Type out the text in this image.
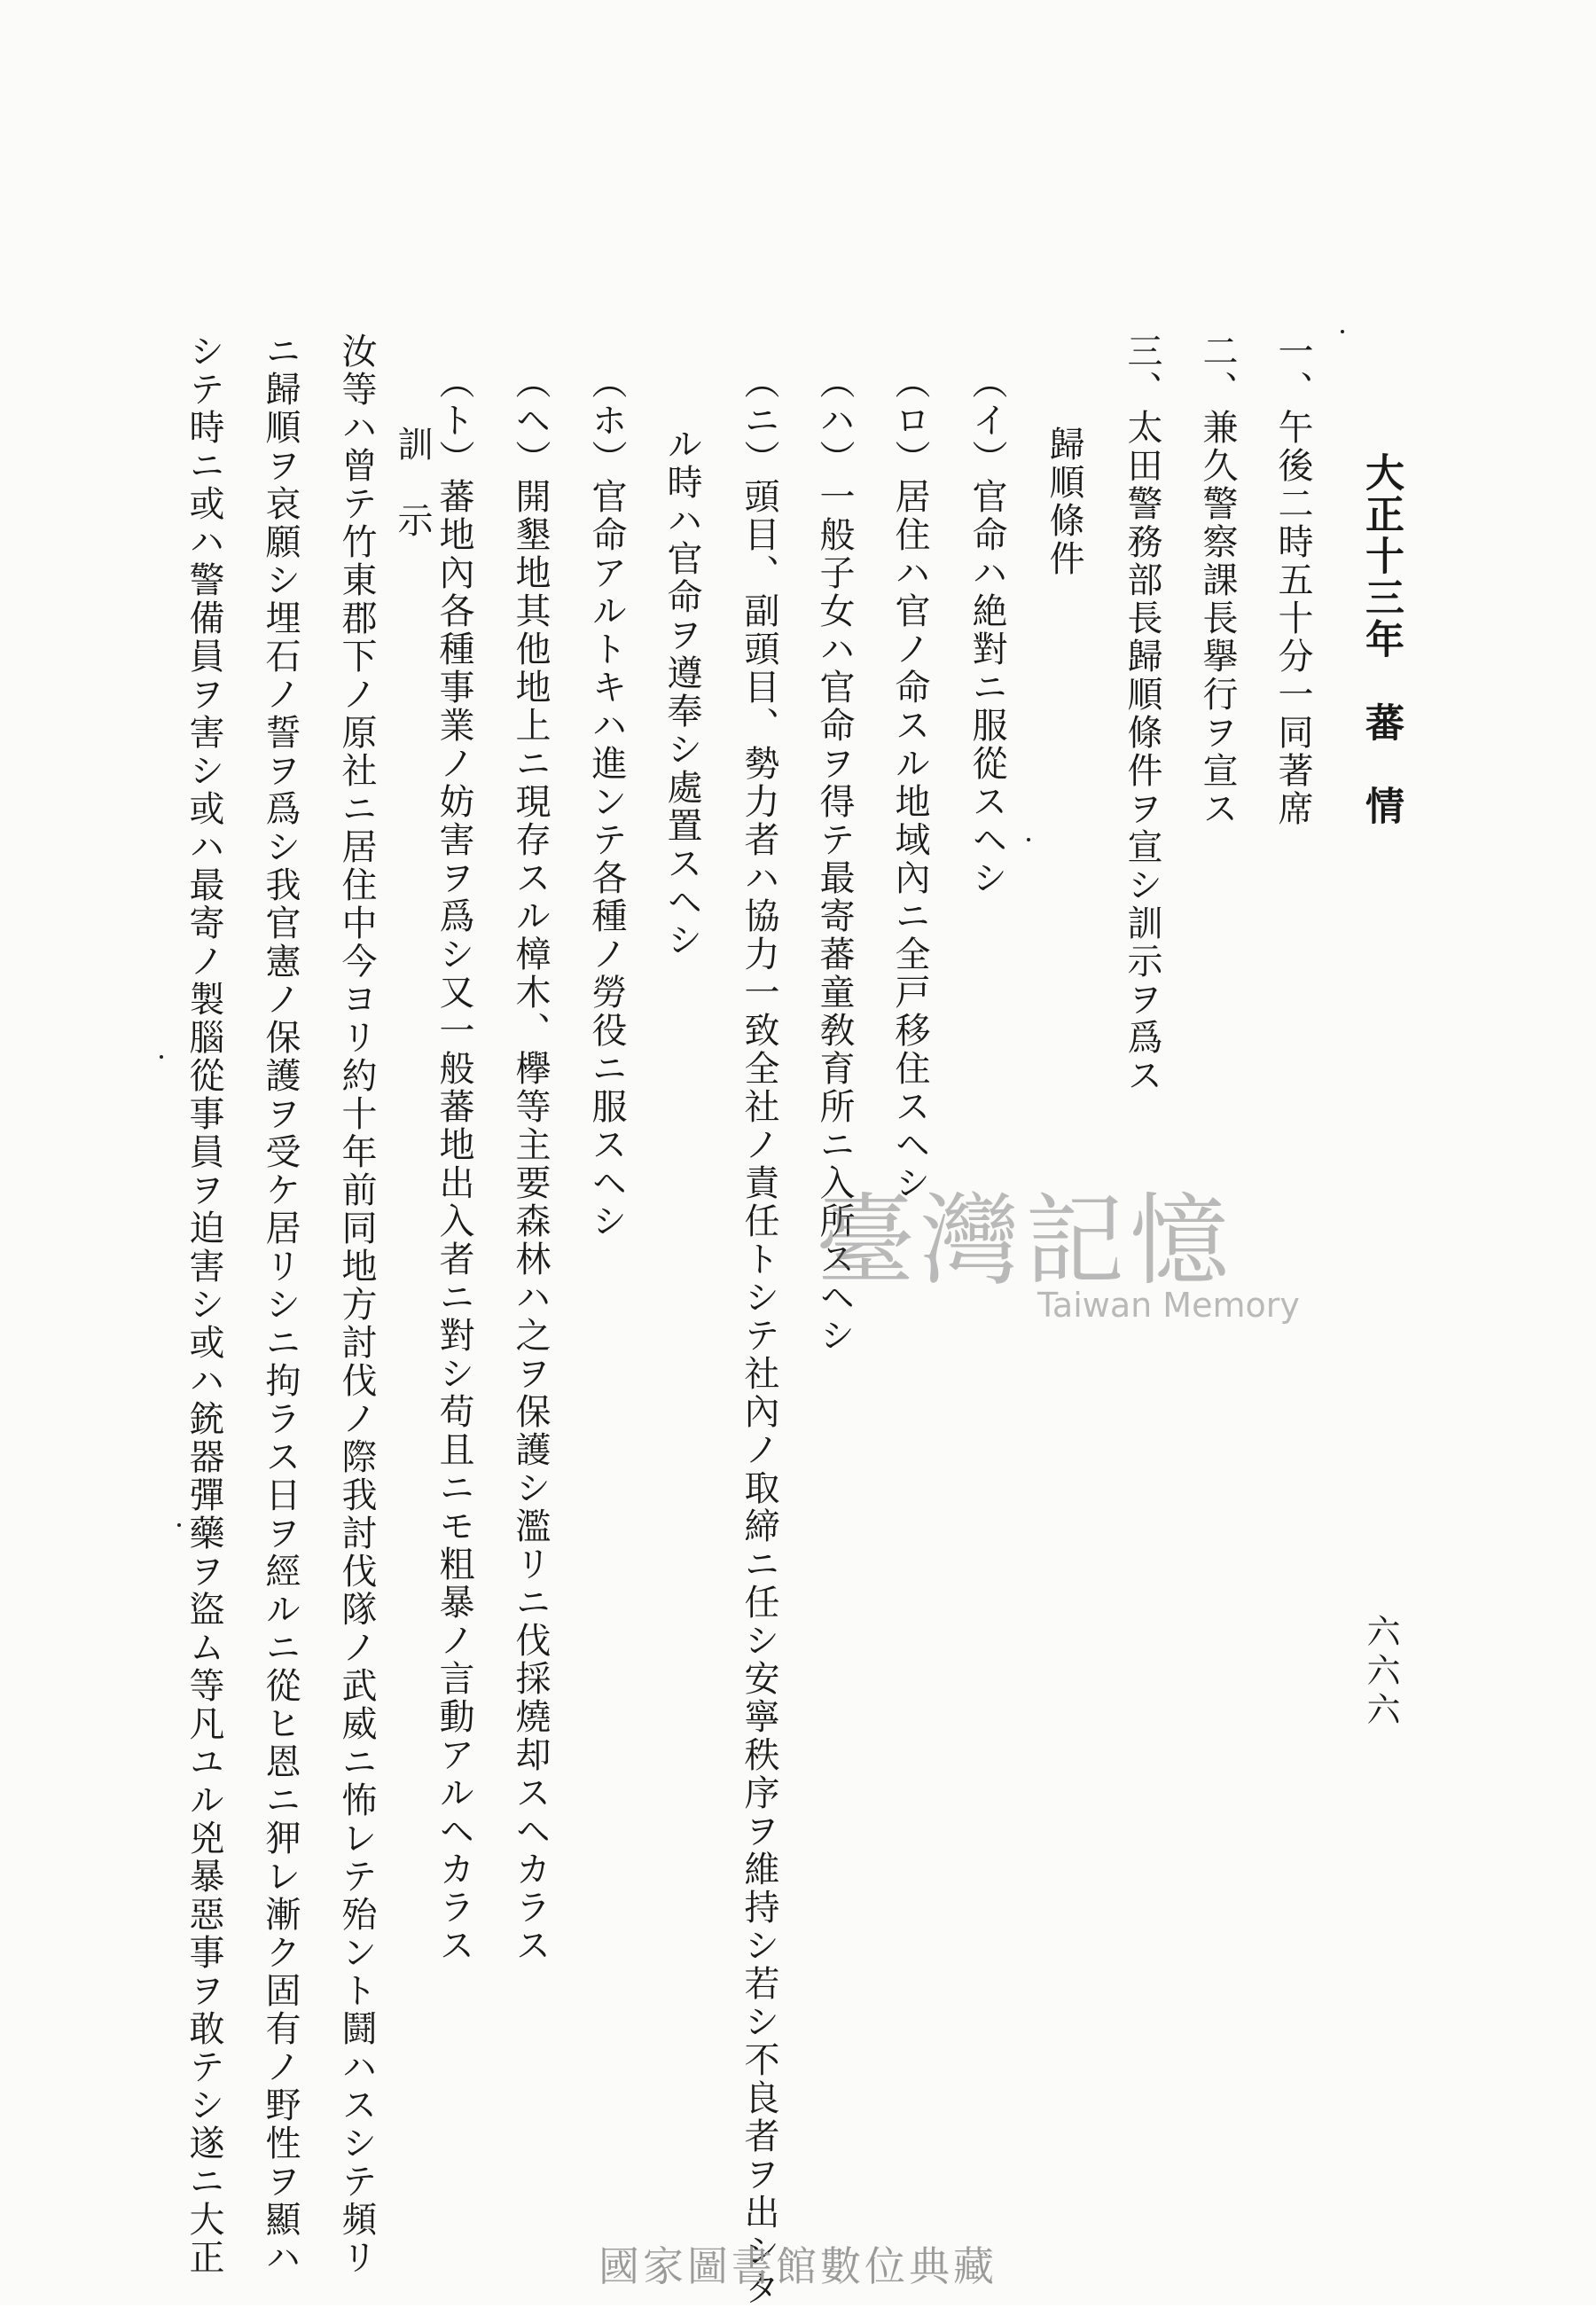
大正十三年　蕃　情
六六六
一、午後二時五十分一同著席
二、兼久警察課長擧行ヲ宣ス
三、太田警務部長歸順條件ヲ宣シ訓示ヲ爲ス
歸順條件
（イ）官命ハ絶對ニ服從スヘシ
（ロ）居住ハ官ノ命スル地域內ニ全戸移住スヘシ
（ハ）一般子女ハ官命ヲ得テ最寄蕃童敎育所ニ入所スヘシ
（ニ）頭目、副頭目、勢力者ハ協力一致全社ノ責任トシテ社內ノ取締ニ任シ安寧秩序ヲ維持シ若シ不良者ヲ出シタ
ル時ハ官命ヲ遵奉シ處置スヘシ
（ホ）官命アルトキハ進ンテ各種ノ勞役ニ服スヘシ
（ヘ）開墾地其他地上ニ現存スル樟木、欅等主要森林ハ之ヲ保護シ濫リニ伐採燒却スヘカラス
（ト）蕃地內各種事業ノ妨害ヲ爲シ又一般蕃地出入者ニ對シ苟且ニモ粗暴ノ言動アルヘカラス
訓　示
汝等ハ曾テ竹東郡下ノ原社ニ居住中今ヨリ約十年前同地方討伐ノ際我討伐隊ノ武威ニ怖レテ殆ント鬪ハスシテ頻リ
ニ歸順ヲ哀願シ埋石ノ誓ヲ爲シ我官憲ノ保護ヲ受ケ居リシニ拘ラス日ヲ經ルニ從ヒ恩ニ狎レ漸ク固有ノ野性ヲ顯ハ
シテ時ニ或ハ警備員ヲ害シ或ハ最寄ノ製腦從事員ヲ迫害シ或ハ銃器彈藥ヲ盜ム等凡ユル兇暴惡事ヲ敢テシ遂ニ大正	臺灣記憶
Taiwan Memory
國家圖書館數位典藏
